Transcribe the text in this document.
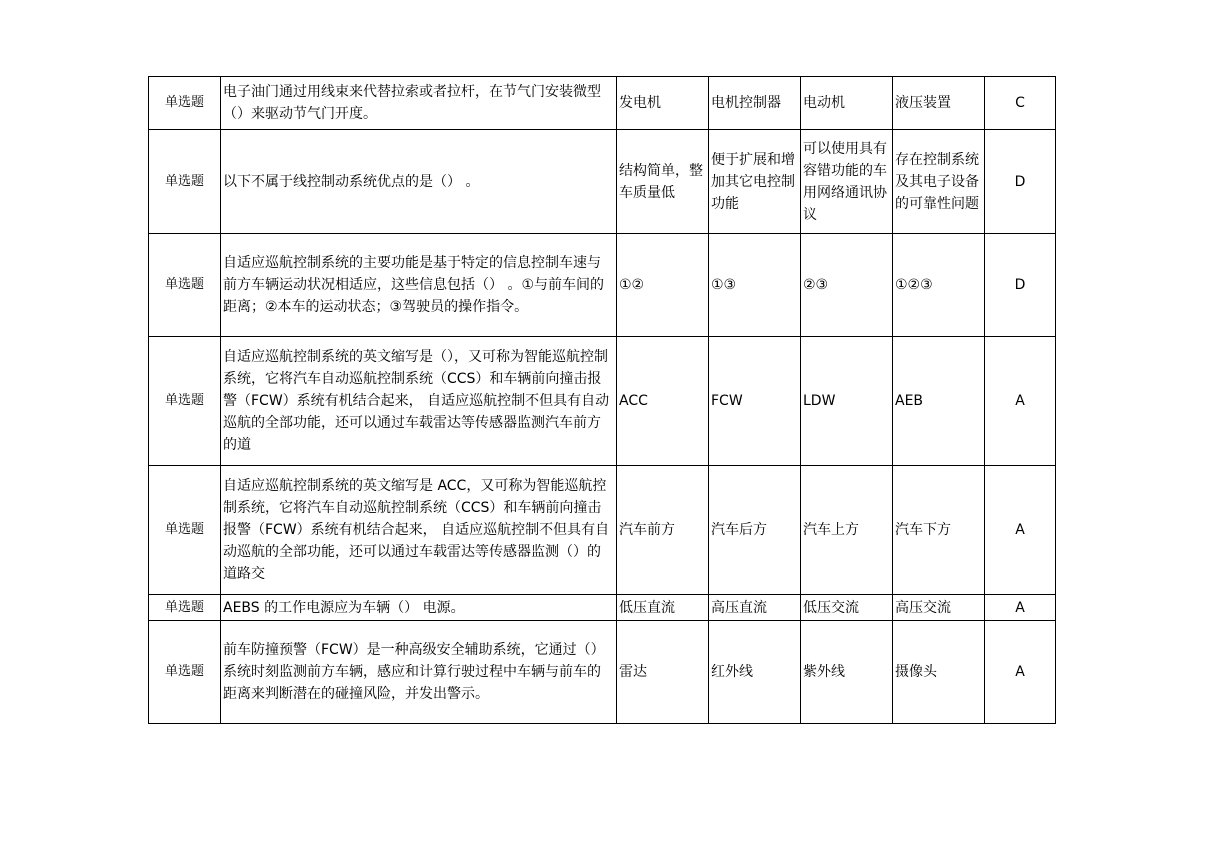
单选题	电子油门通过用线束来代替拉索或者拉杆，在节气门安装微型（）来驱动节气门开度。	发电机	电机控制器	电动机	液压装置	C
单选题	以下不属于线控制动系统优点的是（） 。	结构简单，整车质量低	便于扩展和增加其它电控制功能	可以使用具有容错功能的车用网络通讯协议	存在控制系统及其电子设备的可靠性问题	D
单选题	自适应巡航控制系统的主要功能是基于特定的信息控制车速与前方车辆运动状况相适应，这些信息包括（） 。①与前车间的距离；②本车的运动状态；③驾驶员的操作指令。	①②	①③	②③	①②③	D
单选题	自适应巡航控制系统的英文缩写是（），又可称为智能巡航控制系统，它将汽车自动巡航控制系统（CCS）和车辆前向撞击报警（FCW）系统有机结合起来， 自适应巡航控制不但具有自动巡航的全部功能，还可以通过车载雷达等传感器监测汽车前方的道	ACC	FCW	LDW	AEB	A
单选题	自适应巡航控制系统的英文缩写是 ACC，又可称为智能巡航控制系统，它将汽车自动巡航控制系统（CCS）和车辆前向撞击报警（FCW）系统有机结合起来， 自适应巡航控制不但具有自动巡航的全部功能，还可以通过车载雷达等传感器监测（）的道路交	汽车前方	汽车后方	汽车上方	汽车下方	A
单选题	AEBS 的工作电源应为车辆（） 电源。	低压直流	高压直流	低压交流	高压交流	A
单选题	前车防撞预警（FCW）是一种高级安全辅助系统，它通过（）系统时刻监测前方车辆，感应和计算行驶过程中车辆与前车的距离来判断潜在的碰撞风险，并发出警示。	雷达	红外线	紫外线	摄像头	A
